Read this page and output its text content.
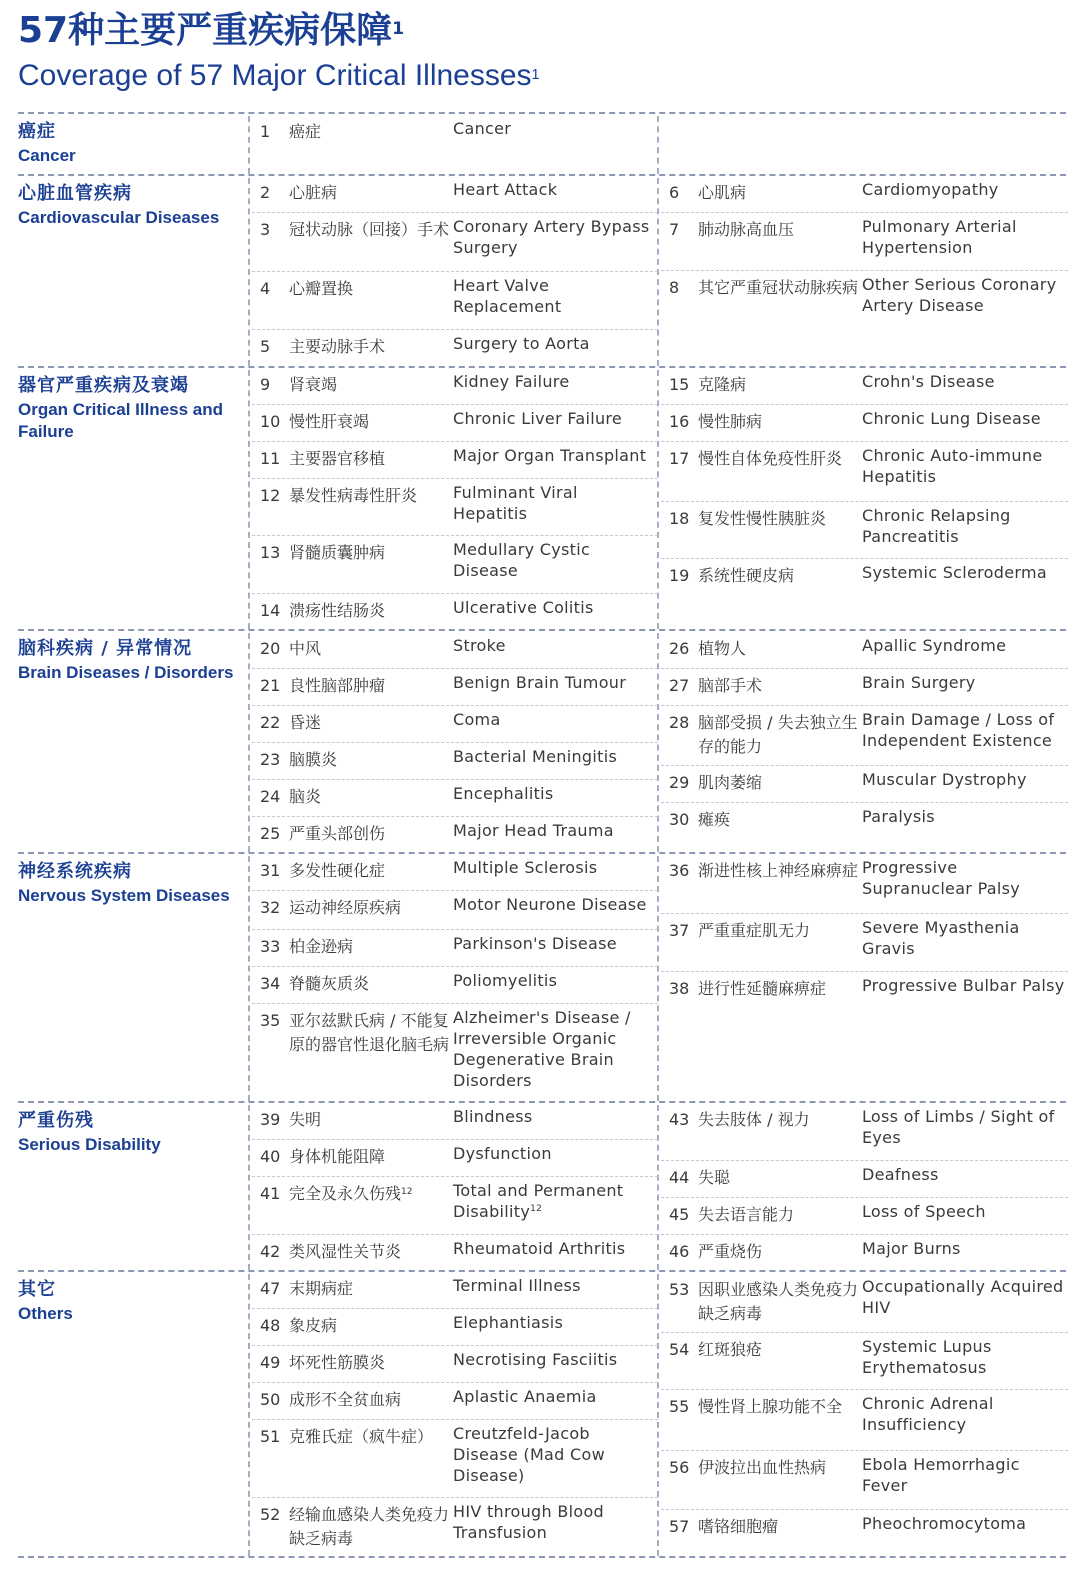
57种主要严重疾病保障$^1$
Coverage of 57 Major Critical Illnesses$^1$
癌症
Cancer
1 癌症	Cancer
心脏血管疾病
Cardiovascular Diseases
2 心脏病	Heart Attack
3 冠状动脉（回接）手术 Coronary Artery Bypass Surgery
4 心瓣置换	Heart Valve Replacement
5 主要动脉手术	Surgery to Aorta
6 心肌病	Cardiomyopathy
7 肺动脉高血压	Pulmonary Arterial Hypertension
8 其它严重冠状动脉疾病 Other Serious Coronary Artery Disease
器官严重疾病及衰竭
Organ Critical Illness and Failure
9 肾衰竭	Kidney Failure
10 慢性肝衰竭	Chronic Liver Failure
11 主要器官移植	Major Organ Transplant
12 暴发性病毒性肝炎	Fulminant Viral Hepatitis
13 肾髓质囊肿病	Medullary Cystic Disease
14 溃疡性结肠炎	Ulcerative Colitis
15 克隆病	Crohn's Disease
16 慢性肺病	Chronic Lung Disease
17 慢性自体免疫性肝炎	Chronic Auto-immune Hepatitis
18 复发性慢性胰脏炎	Chronic Relapsing Pancreatitis
19 系统性硬皮病	Systemic Scleroderma
脑科疾病 / 异常情况
Brain Diseases / Disorders
20 中风	Stroke
21 良性脑部肿瘤	Benign Brain Tumour
22 昏迷	Coma
23 脑膜炎	Bacterial Meningitis
24 脑炎	Encephalitis
25 严重头部创伤	Major Head Trauma
26 植物人	Apallic Syndrome
27 脑部手术	Brain Surgery
28 脑部受损 / 失去独立生存的能力
Brain Damage / Loss of Independent Existence
29 肌肉萎缩	Muscular Dystrophy
30 瘫痪	Paralysis
神经系统疾病
Nervous System Diseases
31 多发性硬化症	Multiple Sclerosis
32 运动神经原疾病	Motor Neurone Disease
33 柏金逊病	Parkinson's Disease
34 脊髓灰质炎	Poliomyelitis
35 亚尔兹默氏病 / 不能复原的器官性退化脑毛病
Alzheimer's Disease / Irreversible Organic Degenerative Brain Disorders
36 渐进性核上神经麻痹症 Progressive Supranuclear Palsy
37 严重重症肌无力	Severe Myasthenia Gravis
38 进行性延髓麻痹症	Progressive Bulbar Palsy
严重伤残
Serious Disability
39 失明	Blindness
40 身体机能阻障	Dysfunction
41 完全及永久伤残$^{12}$	Total and Permanent Disability$^{12}$
42 类风湿性关节炎	Rheumatoid Arthritis
43 失去肢体 / 视力	Loss of Limbs / Sight of Eyes
44 失聪	Deafness
45 失去语言能力	Loss of Speech
46 严重烧伤	Major Burns
其它
Others
47 末期病症	Terminal Illness
48 象皮病	Elephantiasis
49 坏死性筋膜炎	Necrotising Fasciitis
50 成形不全贫血病	Aplastic Anaemia
51 克雅氏症（疯牛症）	Creutzfeld-Jacob Disease (Mad Cow Disease)
52 经输血感染人类免疫力缺乏病毒
HIV through Blood Transfusion
53 因职业感染人类免疫力缺乏病毒
Occupationally Acquired HIV
54 红斑狼疮	Systemic Lupus Erythematosus
55 慢性肾上腺功能不全	Chronic Adrenal Insufficiency
56 伊波拉出血性热病	Ebola Hemorrhagic Fever
57 嗜铬细胞瘤	Pheochromocytoma
